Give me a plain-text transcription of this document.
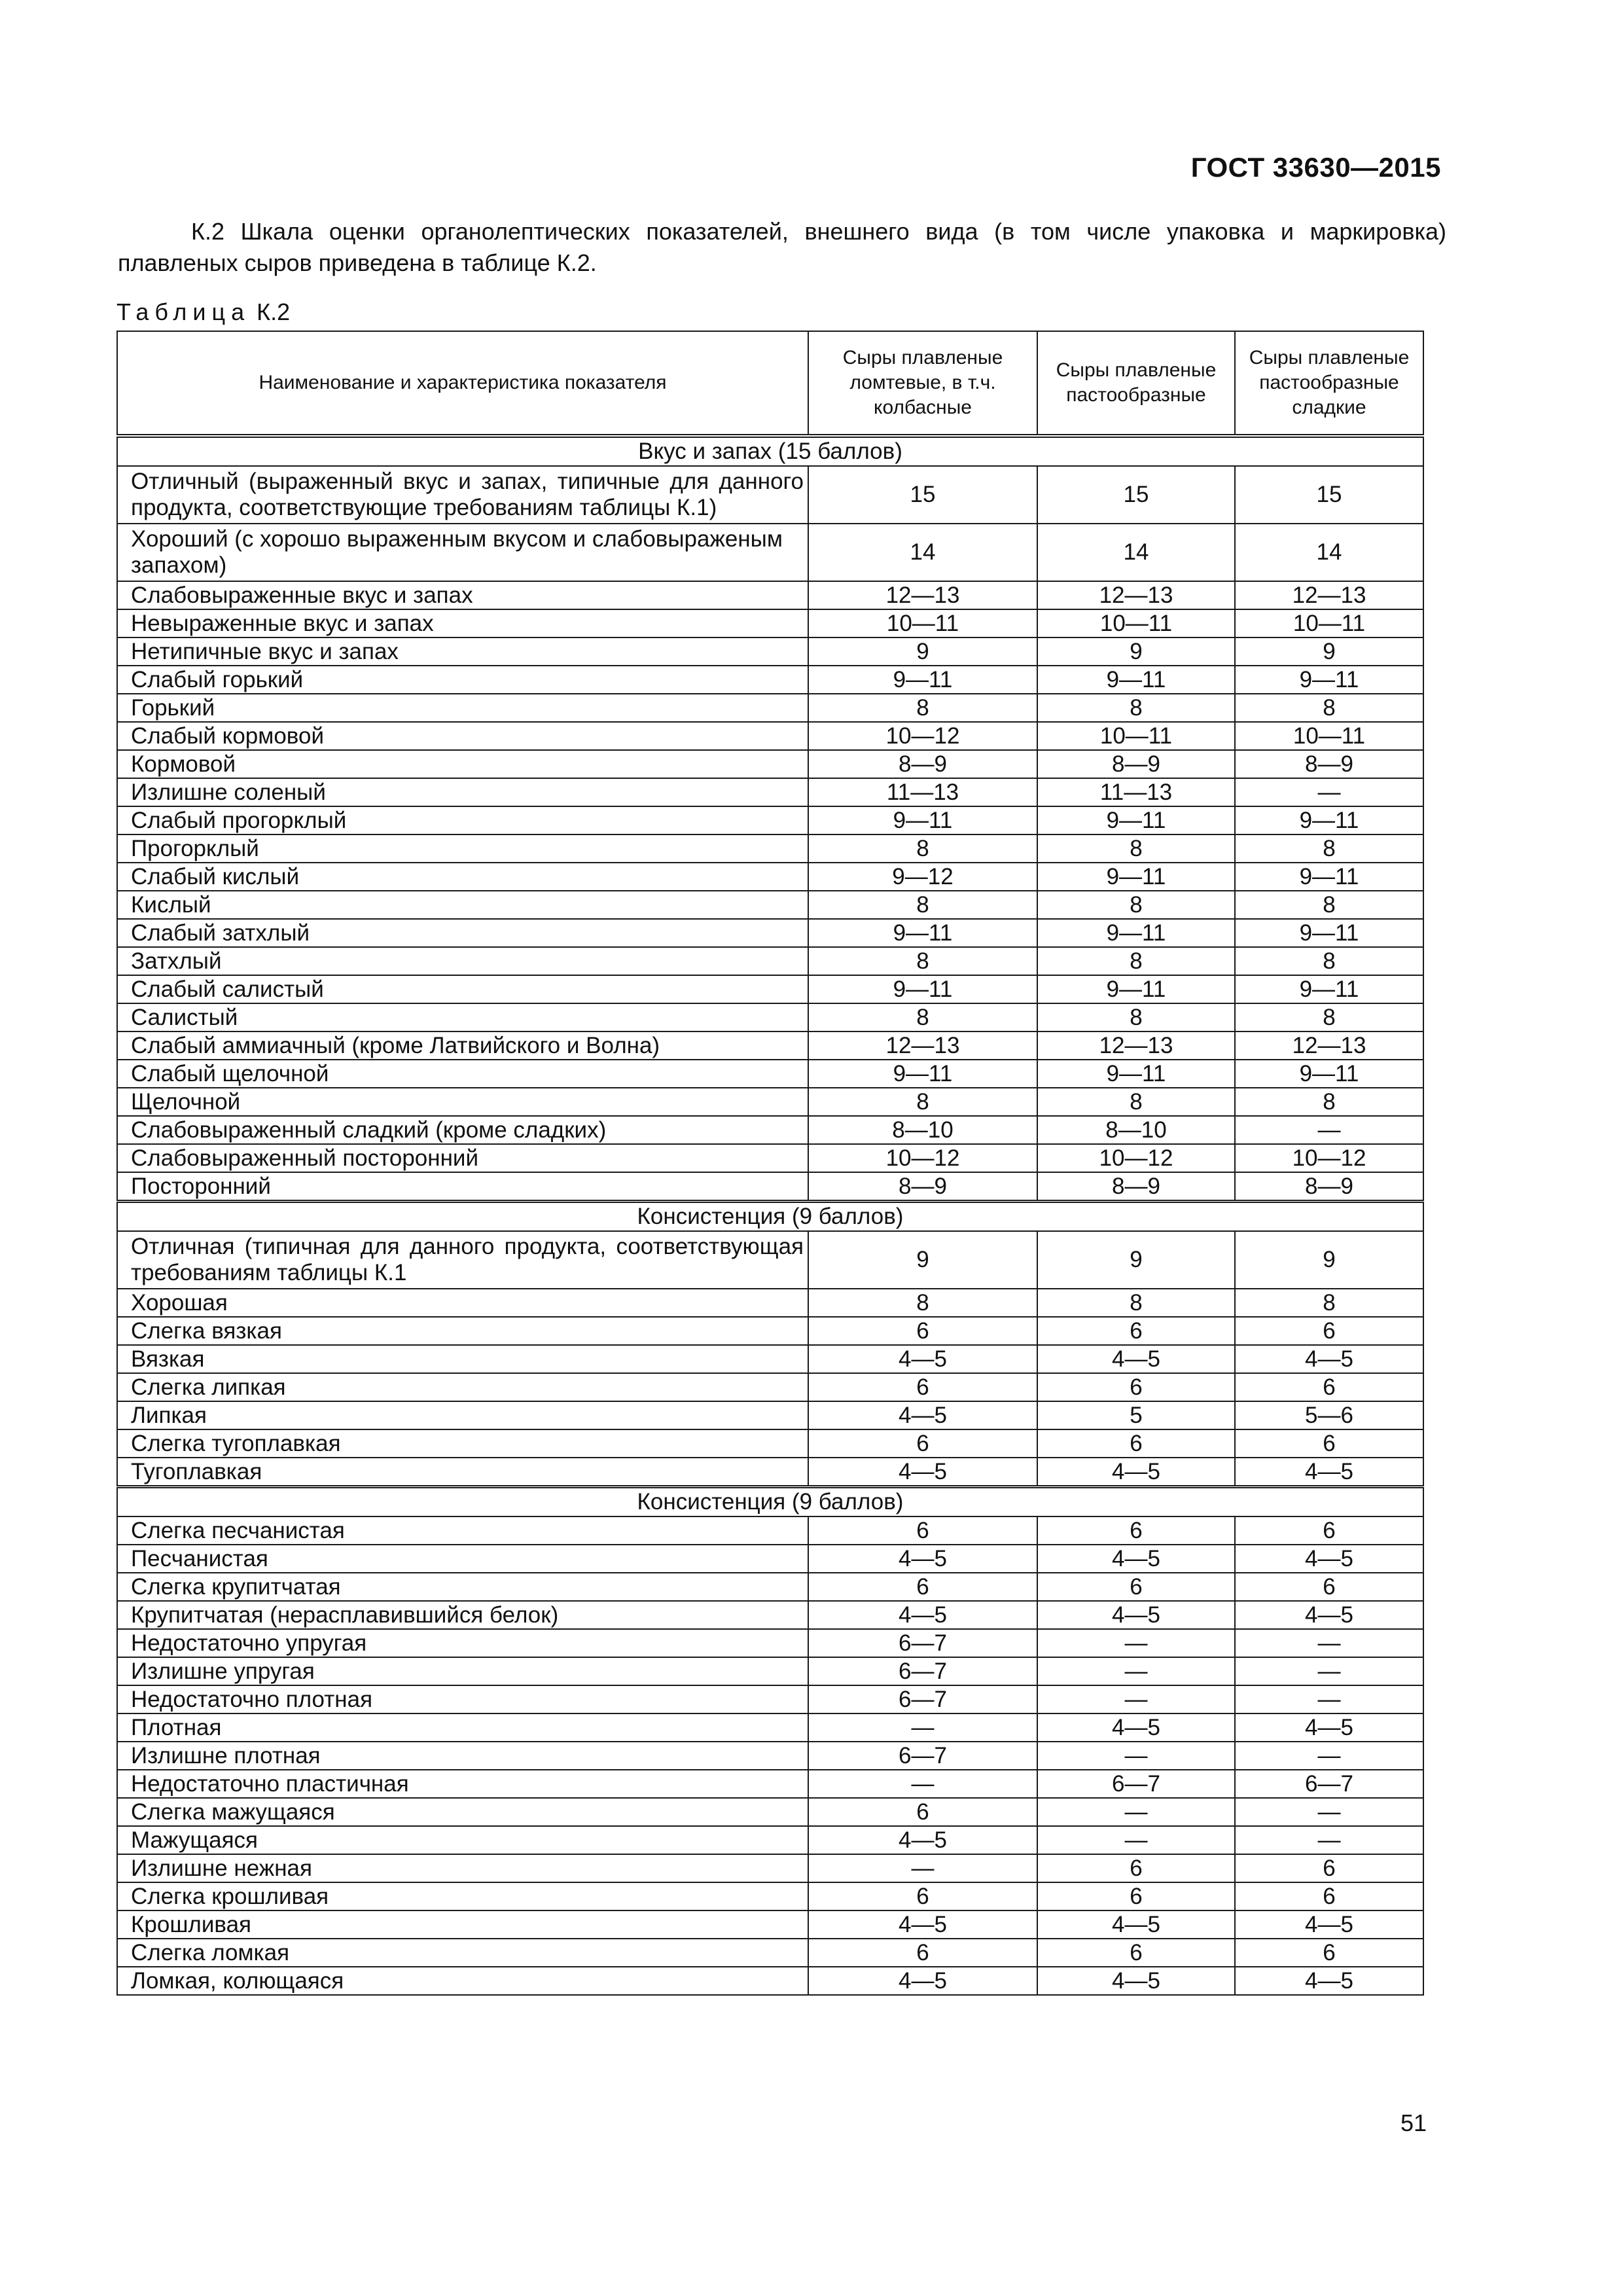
ГОСТ 33630—2015
К.2 Шкала оценки органолептических показателей, внешнего вида (в том числе упаковка и маркировка) плавленых сыров приведена в таблице К.2.
Таблица К.2
Наименование и характеристика показателя	Сыры плавленые ломтевые, в т.ч. колбасные	Сыры плавленые пастообразные	Сыры плавленые пастообразные сладкие
Вкус и запах (15 баллов)			
Отличный (выраженный вкус и запах, типичные для данного продукта, соответствующие требованиям таблицы К.1)	15	15	15
Хороший (с хорошо выраженным вкусом и слабовыраженым запахом)	14	14	14
Слабовыраженные вкус и запах	12—13	12—13	12—13
Невыраженные вкус и запах	10—11	10—11	10—11
Нетипичные вкус и запах	9	9	9
Слабый горький	9—11	9—11	9—11
Горький	8	8	8
Слабый кормовой	10—12	10—11	10—11
Кормовой	8—9	8—9	8—9
Излишне соленый	11—13	11—13	—
Слабый прогорклый	9—11	9—11	9—11
Прогорклый	8	8	8
Слабый кислый	9—12	9—11	9—11
Кислый	8	8	8
Слабый затхлый	9—11	9—11	9—11
Затхлый	8	8	8
Слабый салистый	9—11	9—11	9—11
Салистый	8	8	8
Слабый аммиачный (кроме Латвийского и Волна)	12—13	12—13	12—13
Слабый щелочной	9—11	9—11	9—11
Щелочной	8	8	8
Слабовыраженный сладкий (кроме сладких)	8—10	8—10	—
Слабовыраженный посторонний	10—12	10—12	10—12
Посторонний	8—9	8—9	8—9
Консистенция (9 баллов)			
Отличная (типичная для данного продукта, соответствующая требованиям таблицы К.1	9	9	9
Хорошая	8	8	8
Слегка вязкая	6	6	6
Вязкая	4—5	4—5	4—5
Слегка липкая	6	6	6
Липкая	4—5	5	5—6
Слегка тугоплавкая	6	6	6
Тугоплавкая	4—5	4—5	4—5
Консистенция (9 баллов)			
Слегка песчанистая	6	6	6
Песчанистая	4—5	4—5	4—5
Слегка крупитчатая	6	6	6
Крупитчатая (нерасплавившийся белок)	4—5	4—5	4—5
Недостаточно упругая	6—7	—	—
Излишне упругая	6—7	—	—
Недостаточно плотная	6—7	—	—
Плотная	—	4—5	4—5
Излишне плотная	6—7	—	—
Недостаточно пластичная	—	6—7	6—7
Слегка мажущаяся	6	—	—
Мажущаяся	4—5	—	—
Излишне нежная	—	6	6
Слегка крошливая	6	6	6
Крошливая	4—5	4—5	4—5
Слегка ломкая	6	6	6
Ломкая, колющаяся	4—5	4—5	4—5
51
